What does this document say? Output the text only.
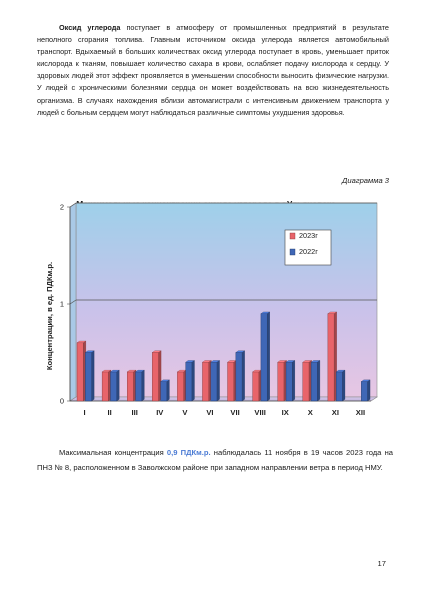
Оксид углерода поступает в атмосферу от промышленных предприятий в результате неполного сгорания топлива. Главным источником оксида углерода является автомобильный транспорт. Вдыхаемый в больших количествах оксид углерода поступает в кровь, уменьшает приток кислорода к тканям, повышает количество сахара в крови, ослабляет подачу кислорода к сердцу. У здоровых людей этот эффект проявляется в уменьшении способности выносить физические нагрузки. У людей с хроническими болезнями сердца он может воздействовать на всю жизнедеятельность организма. В случаях нахождения вблизи автомагистрали с интенсивным движением транспорта у людей с больным сердцем могут наблюдаться различные симптомы ухудшения здоровья.
Диаграмма 3
0
1
2
Концентрации, в ед. ПДКм.р.
I	II	III IV V VI VII VIII IX X XI XII
2023г
2022г
Максимальная концентрация 0,9 ПДКм.р. наблюдалась 11 ноября в 19 часов 2023 года на ПНЗ № 8, расположенном в Заволжском районе при западном направлении ветра в период НМУ.
17
